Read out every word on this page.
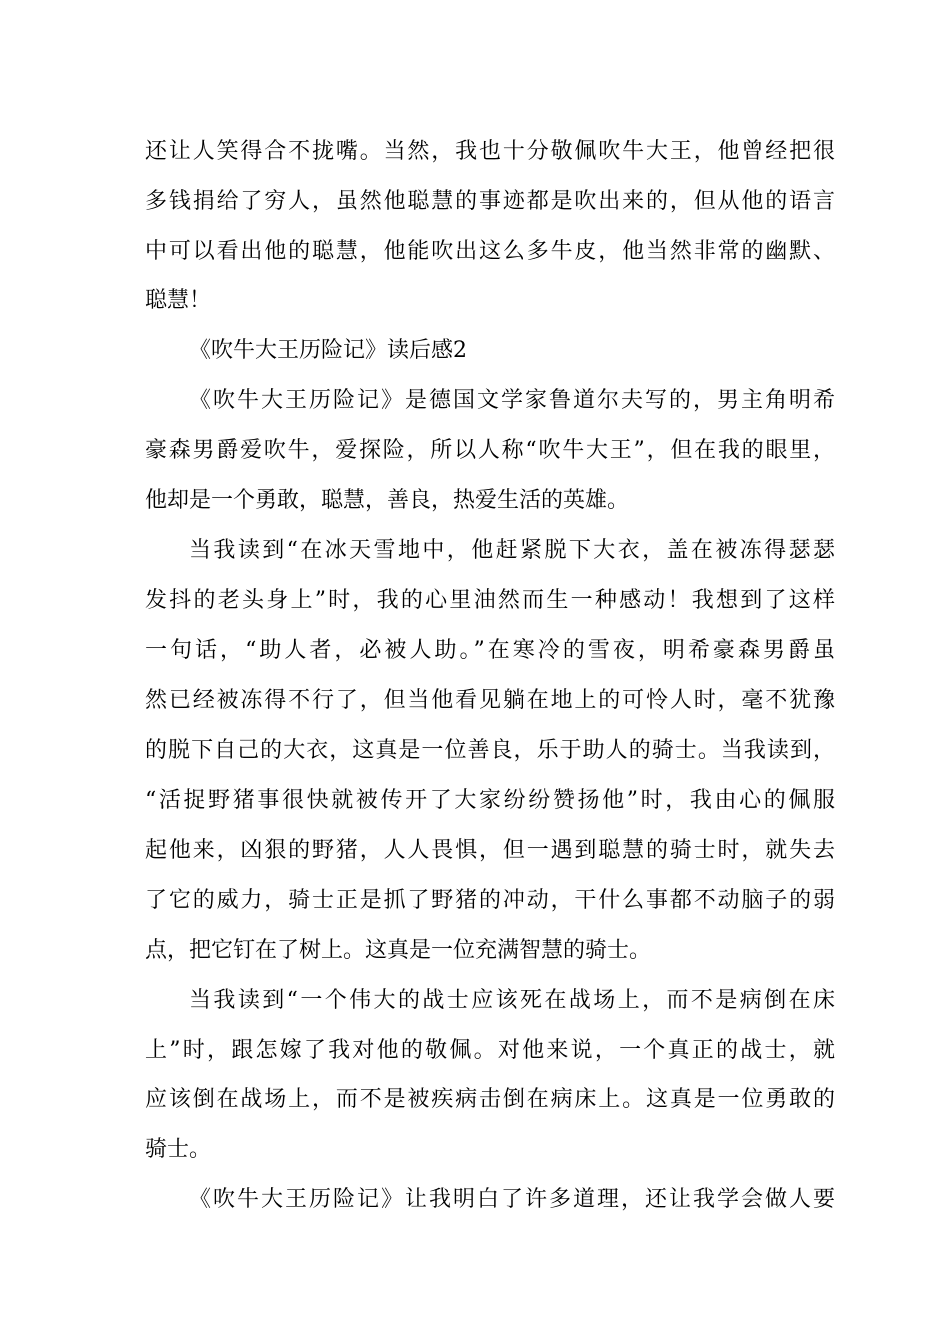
还让人笑得合不拢嘴。当然，我也十分敬佩吹牛大王，他曾经把很
多钱捐给了穷人，虽然他聪慧的事迹都是吹出来的，但从他的语言
中可以看出他的聪慧，他能吹出这么多牛皮，他当然非常的幽默、
聪慧！
《吹牛大王历险记》读后感2
《吹牛大王历险记》是德国文学家鲁道尔夫写的，男主角明希
豪森男爵爱吹牛，爱探险，所以人称“吹牛大王”，但在我的眼里，
他却是一个勇敢，聪慧，善良，热爱生活的英雄。
当我读到“在冰天雪地中，他赶紧脱下大衣，盖在被冻得瑟瑟
发抖的老头身上”时，我的心里油然而生一种感动！我想到了这样
一句话，“助人者，必被人助。”在寒冷的雪夜，明希豪森男爵虽
然已经被冻得不行了，但当他看见躺在地上的可怜人时，毫不犹豫
的脱下自己的大衣，这真是一位善良，乐于助人的骑士。当我读到，
“活捉野猪事很快就被传开了大家纷纷赞扬他”时，我由心的佩服
起他来，凶狠的野猪，人人畏惧，但一遇到聪慧的骑士时，就失去
了它的威力，骑士正是抓了野猪的冲动，干什么事都不动脑子的弱
点，把它钉在了树上。这真是一位充满智慧的骑士。
当我读到“一个伟大的战士应该死在战场上，而不是病倒在床
上”时，跟怎嫁了我对他的敬佩。对他来说，一个真正的战士，就
应该倒在战场上，而不是被疾病击倒在病床上。这真是一位勇敢的
骑士。
《吹牛大王历险记》让我明白了许多道理，还让我学会做人要
